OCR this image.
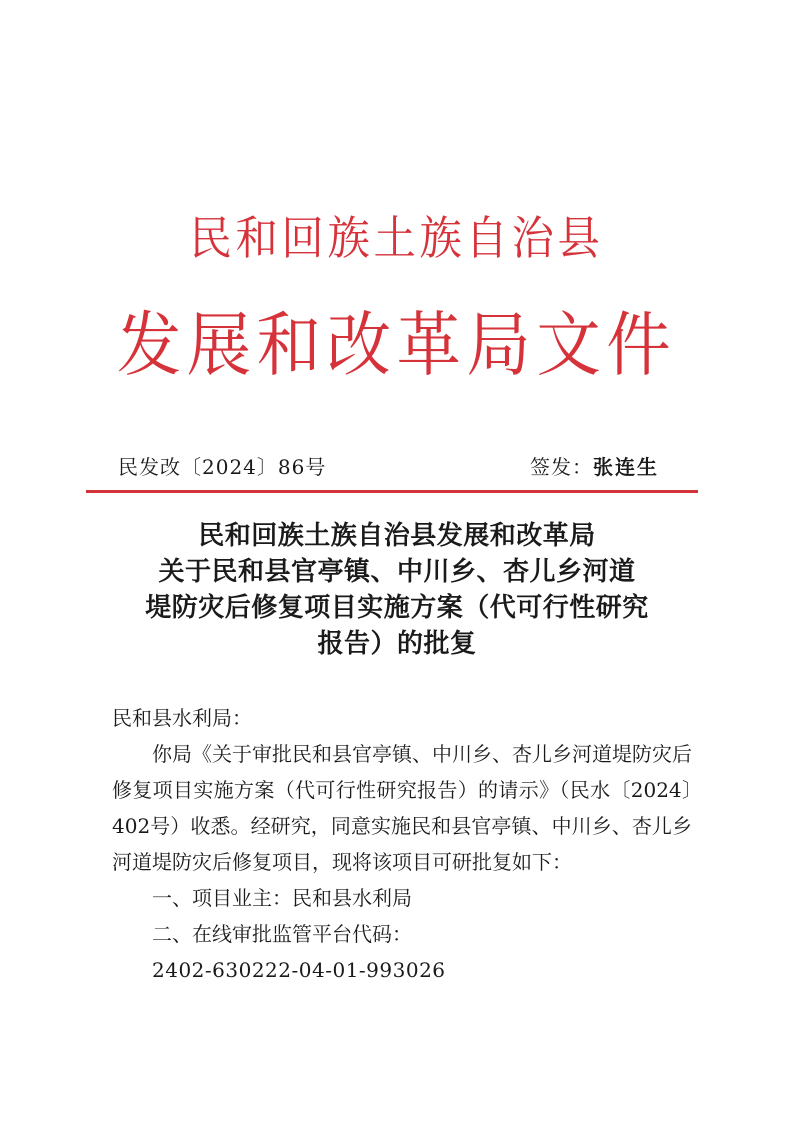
民和回族土族自治县
发展和改革局文件
民发改〔2024〕86号	签发：张连生
民和回族土族自治县发展和改革局
关于民和县官亭镇、中川乡、杏儿乡河道
堤防灾后修复项目实施方案（代可行性研究
报告）的批复

民和县水利局：

你局《关于审批民和县官亭镇、中川乡、杏儿乡河道堤防灾后修复项目实施方案（代可行性研究报告）的请示》（民水〔2024〕402号）收悉。经研究，同意实施民和县官亭镇、中川乡、杏儿乡河道堤防灾后修复项目，现将该项目可研批复如下：

一、项目业主：民和县水利局

二、在线审批监管平台代码：

2402-630222-04-01-993026
